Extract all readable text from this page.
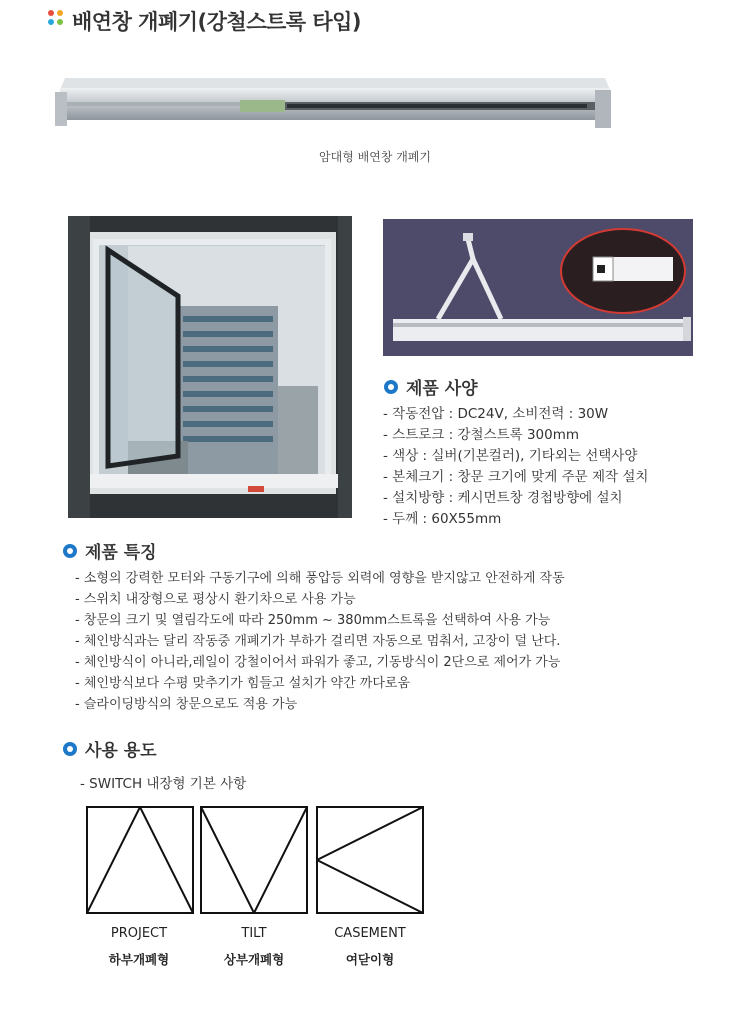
배연창 개폐기(강철스트록 타입)
암대형 배연창 개폐기
제품 사양
- 작동전압 : DC24V, 소비전력 : 30W
- 스트로크 : 강철스트록 300mm
- 색상 : 실버(기본컬러), 기타외는 선택사양
- 본체크기 : 창문 크기에 맞게 주문 제작 설치
- 설치방향 : 케시먼트창 경첩방향에 설치
- 두께 : 60X55mm
제품 특징
- 소형의 강력한 모터와 구동기구에 의해 풍압등 외력에 영향을 받지않고 안전하게 작동
- 스위치 내장형으로 평상시 환기차으로 사용 가능
- 창문의 크기 및 열림각도에 따라 250mm ~ 380mm스트록을 선택하여 사용 가능
- 체인방식과는 달리 작동중 개폐기가 부하가 걸리면 자동으로 멈춰서, 고장이 덜 난다.
- 체인방식이 아니라,레일이 강철이어서 파워가 좋고, 기동방식이 2단으로 제어가 가능
- 체인방식보다 수평 맞추기가 힘들고 설치가 약간 까다로움
- 슬라이딩방식의 창문으로도 적용 가능
사용 용도
- SWITCH 내장형 기본 사항
PROJECT	TILT	CASEMENT
하부개폐형	상부개폐형	여닫이형
